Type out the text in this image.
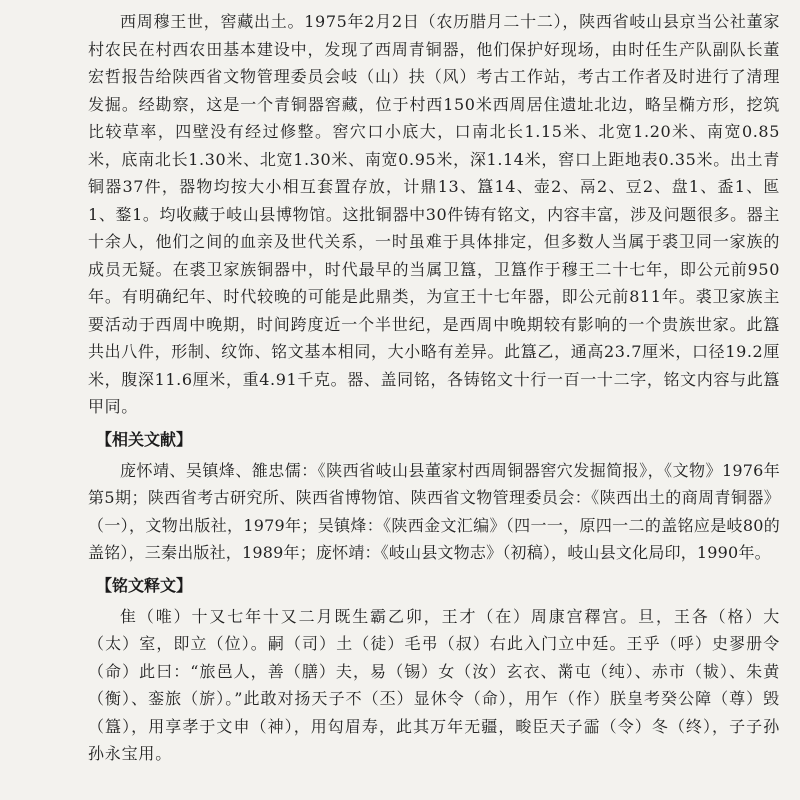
西周穆王世，窖藏出土。1975年2月2日（农历腊月二十二），陕西省岐山县京当公社董家村农民在村西农田基本建设中，发现了西周青铜器，他们保护好现场，由时任生产队副队长董宏哲报告给陕西省文物管理委员会岐（山）扶（风）考古工作站，考古工作者及时进行了清理发掘。经勘察，这是一个青铜器窖藏，位于村西150米西周居住遗址北边，略呈椭方形，挖筑比较草率，四壁没有经过修整。窖穴口小底大，口南北长1.15米、北宽1.20米、南宽0.85米，底南北长1.30米、北宽1.30米、南宽0.95米，深1.14米，窖口上距地表0.35米。出土青铜器37件，器物均按大小相互套置存放，计鼎13、簋14、壶2、鬲2、豆2、盘1、盉1、匜1、鍪1。均收藏于岐山县博物馆。这批铜器中30件铸有铭文，内容丰富，涉及问题很多。器主十余人，他们之间的血亲及世代关系，一时虽难于具体排定，但多数人当属于裘卫同一家族的成员无疑。在裘卫家族铜器中，时代最早的当属卫簋，卫簋作于穆王二十七年，即公元前950年。有明确纪年、时代较晚的可能是此鼎类，为宣王十七年器，即公元前811年。裘卫家族主要活动于西周中晚期，时间跨度近一个半世纪，是西周中晚期较有影响的一个贵族世家。此簋共出八件，形制、纹饰、铭文基本相同，大小略有差异。此簋乙，通高23.7厘米，口径19.2厘米，腹深11.6厘米，重4.91千克。器、盖同铭，各铸铭文十行一百一十二字，铭文内容与此簋甲同。

【相关文献】

庞怀靖、吴镇烽、雒忠儒：《陕西省岐山县董家村西周铜器窖穴发掘简报》，《文物》1976年第5期；陕西省考古研究所、陕西省博物馆、陕西省文物管理委员会：《陕西出土的商周青铜器》（一），文物出版社，1979年；吴镇烽：《陕西金文汇编》（四一一，原四一二的盖铭应是岐80的盖铭），三秦出版社，1989年；庞怀靖：《岐山县文物志》（初稿），岐山县文化局印，1990年。

【铭文释文】

隹（唯）十又七年十又二月既生霸乙卯，王才（在）周康宫䆁宫。旦，王各（格）大（太）室，即立（位）。嗣（司）土（徒）毛弔（叔）右此入门立中廷。王乎（呼）史翏册令（命）此曰：“旅邑人，善（膳）夫，易（锡）女（汝）玄衣、黹屯（纯）、赤市（韨）、朱黄（衡）、銮旅（旂）。”此敢对扬天子不（丕）显休令（命），用乍（作）朕皇考癸公障（尊）毁（簋），用享孝于文申（神），用匃眉寿，此其万年无疆，畯臣天子霝（令）冬（终），子子孙孙永宝用。
